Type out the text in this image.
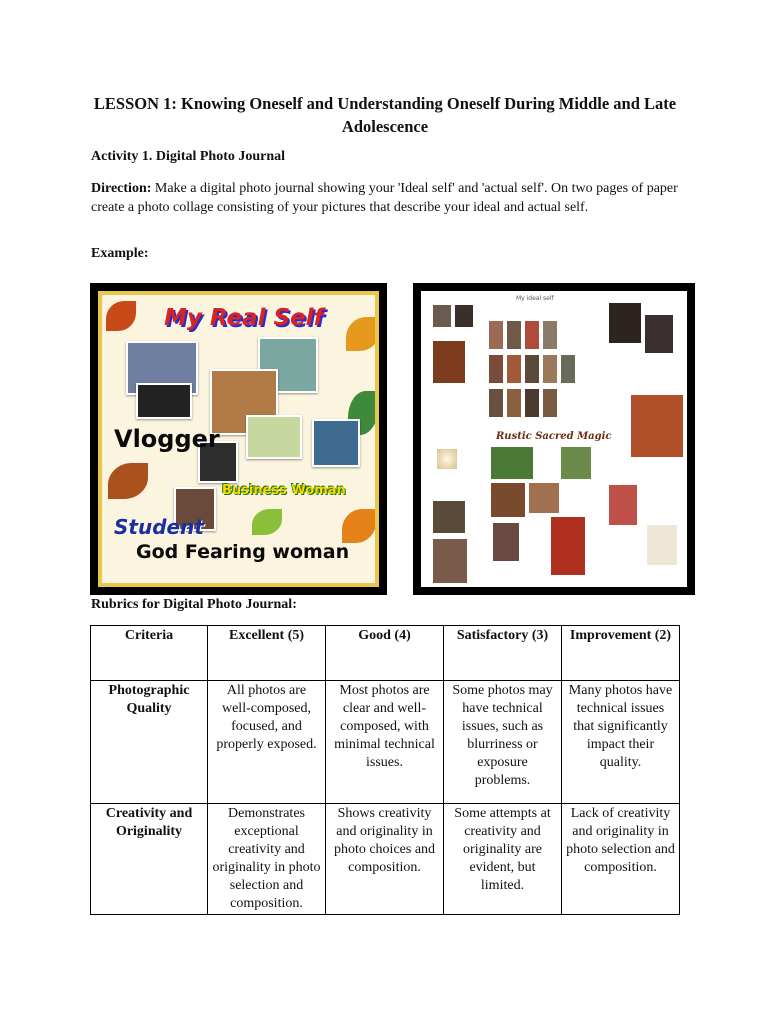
LESSON 1: Knowing Oneself and Understanding Oneself During Middle and Late Adolescence
Activity 1. Digital Photo Journal
Direction: Make a digital photo journal showing your 'Ideal self' and 'actual self'. On two pages of paper create a photo collage consisting of your pictures that describe your ideal and actual self.
Example:
My Real Self
Vlogger
Business Woman
Student
God Fearing woman
My ideal self
Rustic Sacred Magic
Rubrics for Digital Photo Journal:
Criteria	Excellent (5)	Good (4)	Satisfactory (3)	Improvement (2)
Photographic Quality	All photos are well-composed, focused, and properly exposed.	Most photos are clear and well-composed, with minimal technical issues.	Some photos may have technical issues, such as blurriness or exposure problems.	Many photos have technical issues that significantly impact their quality.
Creativity and Originality	Demonstrates exceptional creativity and originality in photo selection and composition.	Shows creativity and originality in photo choices and composition.	Some attempts at creativity and originality are evident, but limited.	Lack of creativity and originality in photo selection and composition.
